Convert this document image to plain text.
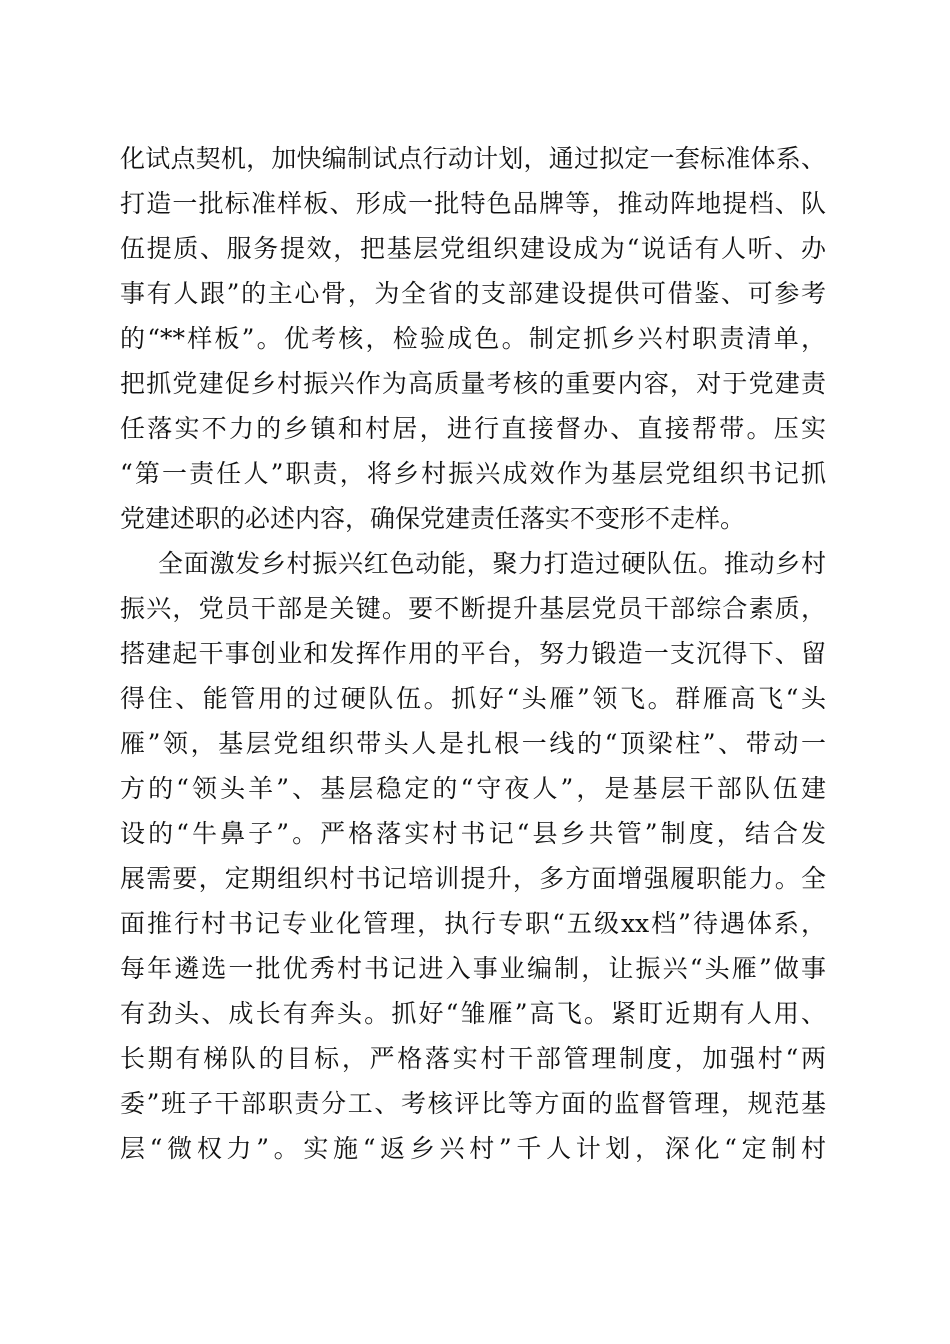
化试点契机，加快编制试点行动计划，通过拟定一套标准体系、
打造一批标准样板、形成一批特色品牌等，推动阵地提档、队
伍提质、服务提效，把基层党组织建设成为“说话有人听、办
事有人跟”的主心骨，为全省的支部建设提供可借鉴、可参考
的“**样板”。优考核，检验成色。制定抓乡兴村职责清单，
把抓党建促乡村振兴作为高质量考核的重要内容，对于党建责
任落实不力的乡镇和村居，进行直接督办、直接帮带。压实
“第一责任人”职责，将乡村振兴成效作为基层党组织书记抓
党建述职的必述内容，确保党建责任落实不变形不走样。
全面激发乡村振兴红色动能，聚力打造过硬队伍。推动乡村
振兴，党员干部是关键。要不断提升基层党员干部综合素质，
搭建起干事创业和发挥作用的平台，努力锻造一支沉得下、留
得住、能管用的过硬队伍。抓好“头雁”领飞。群雁高飞“头
雁”领，基层党组织带头人是扎根一线的“顶梁柱”、带动一
方的“领头羊”、基层稳定的“守夜人”，是基层干部队伍建
设的“牛鼻子”。严格落实村书记“县乡共管”制度，结合发
展需要，定期组织村书记培训提升，多方面增强履职能力。全
面推行村书记专业化管理，执行专职“五级xx档”待遇体系，
每年遴选一批优秀村书记进入事业编制，让振兴“头雁”做事
有劲头、成长有奔头。抓好“雏雁”高飞。紧盯近期有人用、
长期有梯队的目标，严格落实村干部管理制度，加强村“两
委”班子干部职责分工、考核评比等方面的监督管理，规范基
层“微权力”。实施“返乡兴村”千人计划，深化“定制村
